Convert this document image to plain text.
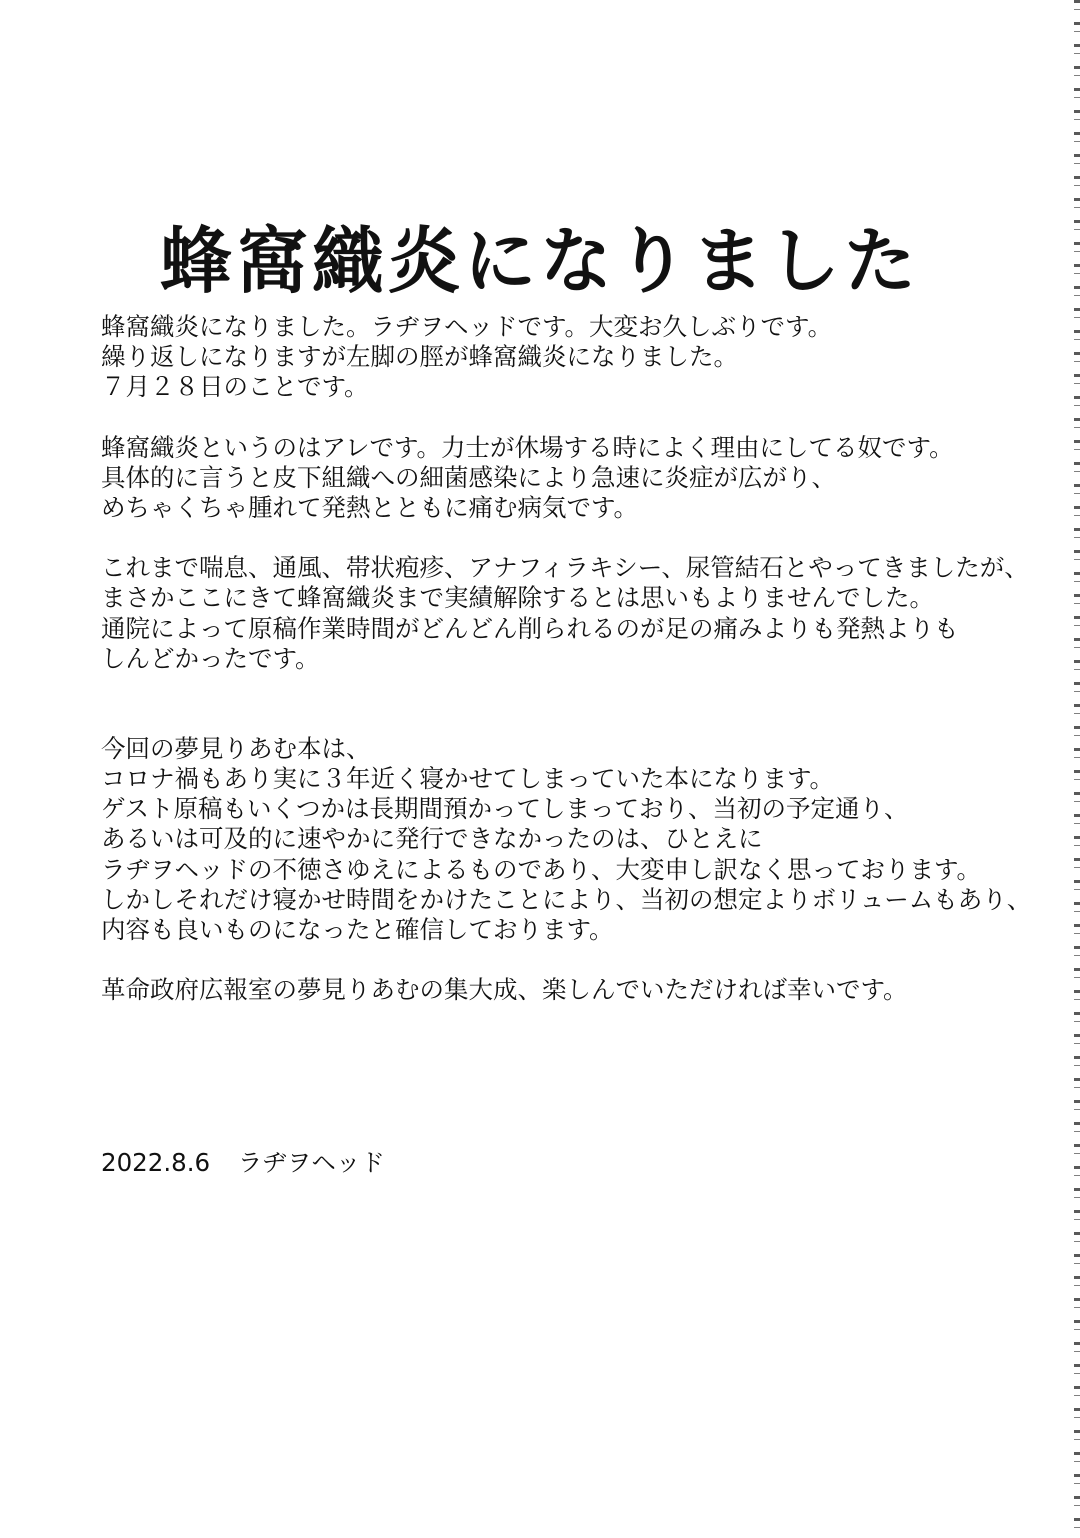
蜂窩織炎になりました
蜂窩織炎になりました。ラヂヲヘッドです。大変お久しぶりです。
繰り返しになりますが左脚の脛が蜂窩織炎になりました。
７月２８日のことです。
蜂窩織炎というのはアレです。力士が休場する時によく理由にしてる奴です。
具体的に言うと皮下組織への細菌感染により急速に炎症が広がり、
めちゃくちゃ腫れて発熱とともに痛む病気です。
これまで喘息、通風、帯状疱疹、アナフィラキシー、尿管結石とやってきましたが、
まさかここにきて蜂窩織炎まで実績解除するとは思いもよりませんでした。
通院によって原稿作業時間がどんどん削られるのが足の痛みよりも発熱よりも
しんどかったです。
今回の夢見りあむ本は、
コロナ禍もあり実に３年近く寝かせてしまっていた本になります。
ゲスト原稿もいくつかは長期間預かってしまっており、当初の予定通り、
あるいは可及的に速やかに発行できなかったのは、ひとえに
ラヂヲヘッドの不徳さゆえによるものであり、大変申し訳なく思っております。
しかしそれだけ寝かせ時間をかけたことにより、当初の想定よりボリュームもあり、
内容も良いものになったと確信しております。
革命政府広報室の夢見りあむの集大成、楽しんでいただければ幸いです。
2022.8.6 ラヂヲヘッド
